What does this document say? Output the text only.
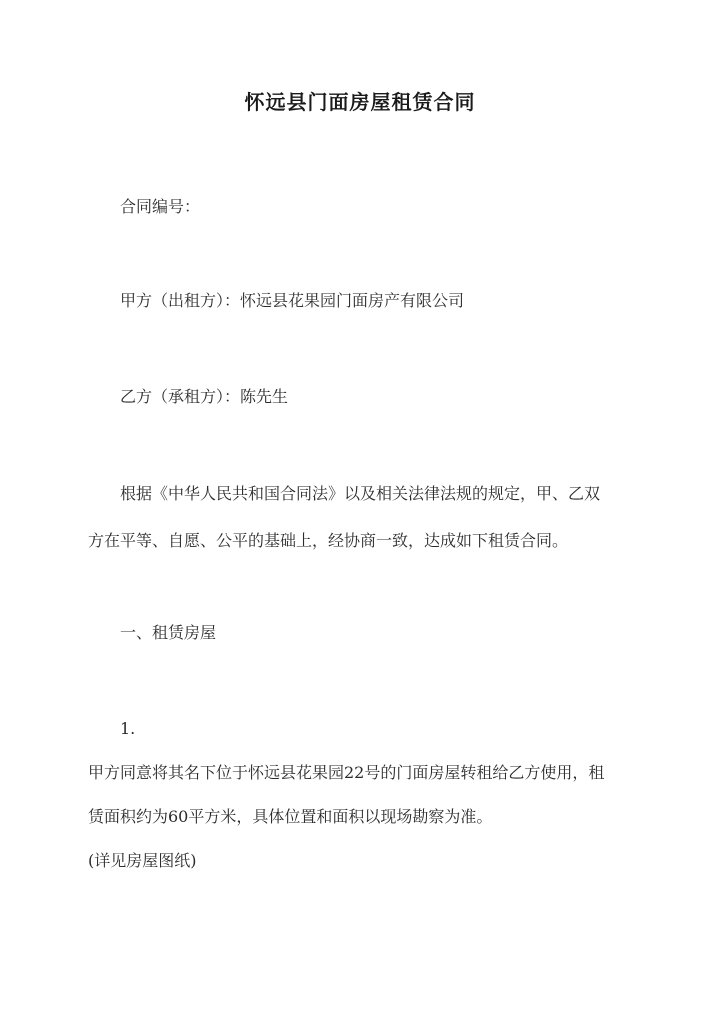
怀远县门面房屋租赁合同
合同编号：
甲方（出租方）：怀远县花果园门面房产有限公司
乙方（承租方）：陈先生
根据《中华人民共和国合同法》以及相关法律法规的规定，甲、乙双
方在平等、自愿、公平的基础上，经协商一致，达成如下租赁合同。
一、租赁房屋
1.
甲方同意将其名下位于怀远县花果园22号的门面房屋转租给乙方使用，租
赁面积约为60平方米，具体位置和面积以现场勘察为准。
(详见房屋图纸)
